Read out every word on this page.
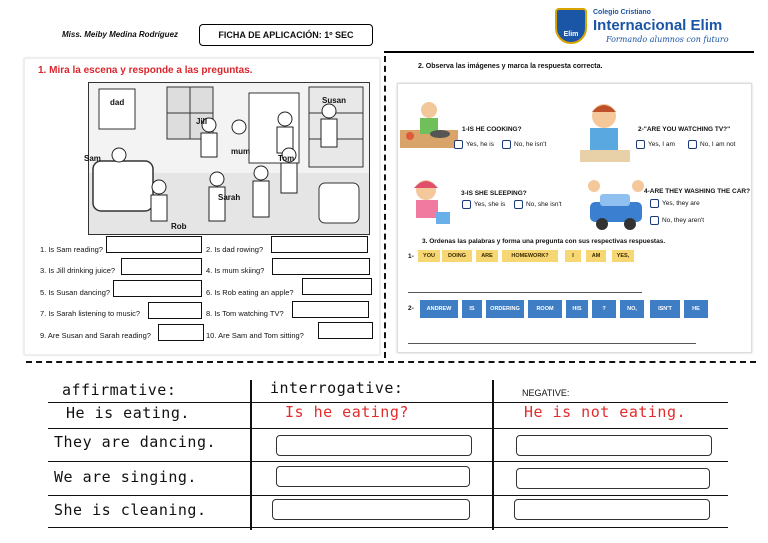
Miss. Meiby Medina Rodríguez	FICHA DE APLICACIÓN: 1º SEC	Elim
Colegio Cristiano
Internacional Elim
Formando alumnos con futuro
1. Mira la escena y responde a las preguntas.
dad	Susan
Jill
mum
Sam	Tom
Sarah
Rob
1. Is Sam reading?	2. Is dad rowing?
3. Is Jill drinking juice?	4. Is mum skiing?
5. Is Susan dancing?	6. Is Rob eating an apple?
7. Is Sarah listening to music?	8. Is Tom watching TV?
9. Are Susan and Sarah reading?	10. Are Sam and Tom sitting?
2. Observa las imágenes y marca la respuesta correcta.
1-IS HE COOKING?
Yes, he is	No, he isn't
2-"ARE YOU WATCHING TV?"
Yes, I am	No, I am not
3-IS SHE SLEEPING?
Yes, she is	No, she isn't
4-ARE THEY WASHING THE CAR?
Yes, they are
No, they aren't
3. Ordenas las palabras y forma una pregunta con sus respectivas respuestas.
1-	YOU	DOING	ARE	HOMEWORK?	I	AM	YES,
2-	ANDREW	IS	ORDERING	ROOM	HIS	?	NO,	ISN'T	HE
affirmative:	interrogative:	NEGATIVE:
He is eating.	Is he eating?	He is not eating.
They are dancing.
We are singing.
She is cleaning.
